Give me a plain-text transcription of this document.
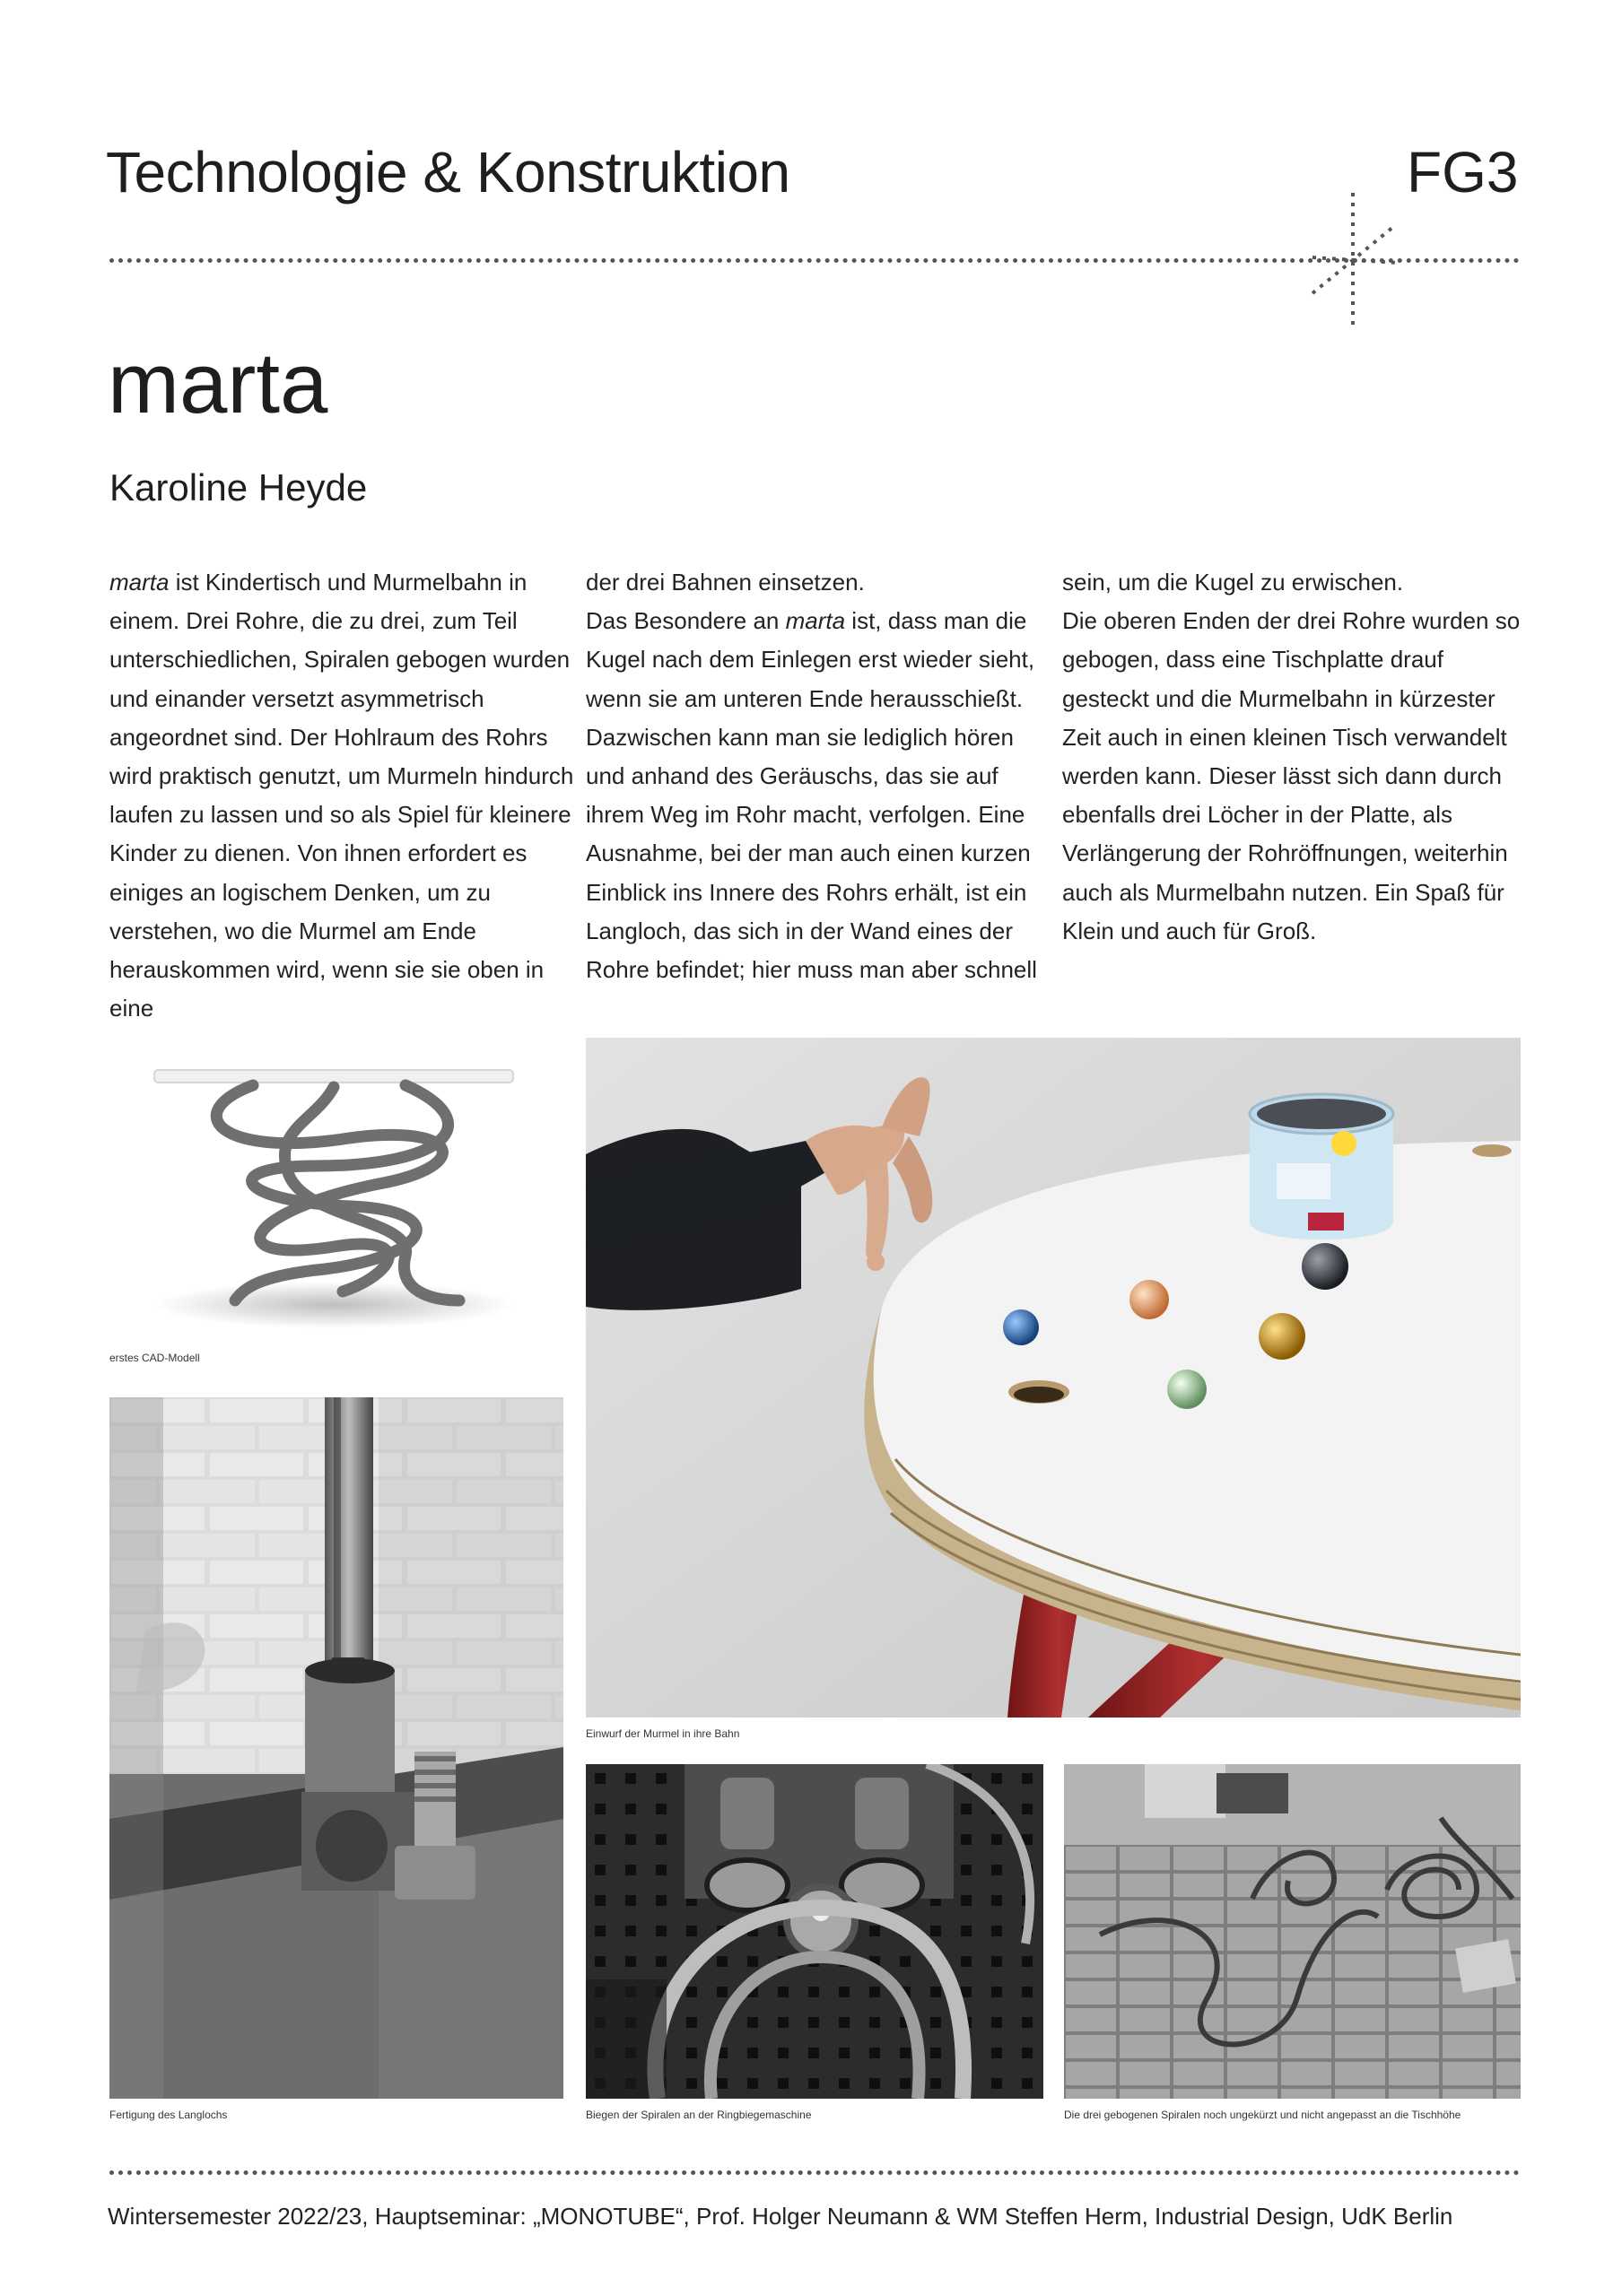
Technologie & Konstruktion	FG3
marta
Karoline Heyde

marta ist Kindertisch und Murmelbahn in einem. Drei Rohre, die zu drei, zum Teil unterschiedlichen, Spiralen gebogen wurden und einander versetzt asymmetrisch angeordnet sind. Der Hohlraum des Rohrs wird praktisch genutzt, um Murmeln hindurch laufen zu lassen und so als Spiel für kleinere Kinder zu dienen. Von ihnen erfordert es einiges an logischem Denken, um zu verstehen, wo die Murmel am Ende herauskommen wird, wenn sie sie oben in eine

der drei Bahnen einsetzen.

Das Besondere an marta ist, dass man die Kugel nach dem Einlegen erst wieder sieht, wenn sie am unteren Ende herausschießt. Dazwischen kann man sie lediglich hören und anhand des Geräuschs, das sie auf ihrem Weg im Rohr macht, verfolgen. Eine Ausnahme, bei der man auch einen kurzen Einblick ins Innere des Rohrs erhält, ist ein Langloch, das sich in der Wand eines der Rohre befindet; hier muss man aber schnell

sein, um die Kugel zu erwischen.

Die oberen Enden der drei Rohre wurden so gebogen, dass eine Tischplatte drauf gesteckt und die Murmelbahn in kürzester Zeit auch in einen kleinen Tisch verwandelt werden kann. Dieser lässt sich dann durch ebenfalls drei Löcher in der Platte, als Verlängerung der Rohröffnungen, weiterhin auch als Murmelbahn nutzen. Ein Spaß für Klein und auch für Groß.

erstes CAD-Modell
Fertigung des Langlochs
Einwurf der Murmel in ihre Bahn
Biegen der Spiralen an der Ringbiegemaschine	Die drei gebogenen Spiralen noch ungekürzt und nicht angepasst an die Tischhöhe
Wintersemester 2022/23, Hauptseminar: „MONOTUBE“, Prof. Holger Neumann & WM Steffen Herm, Industrial Design, UdK Berlin
